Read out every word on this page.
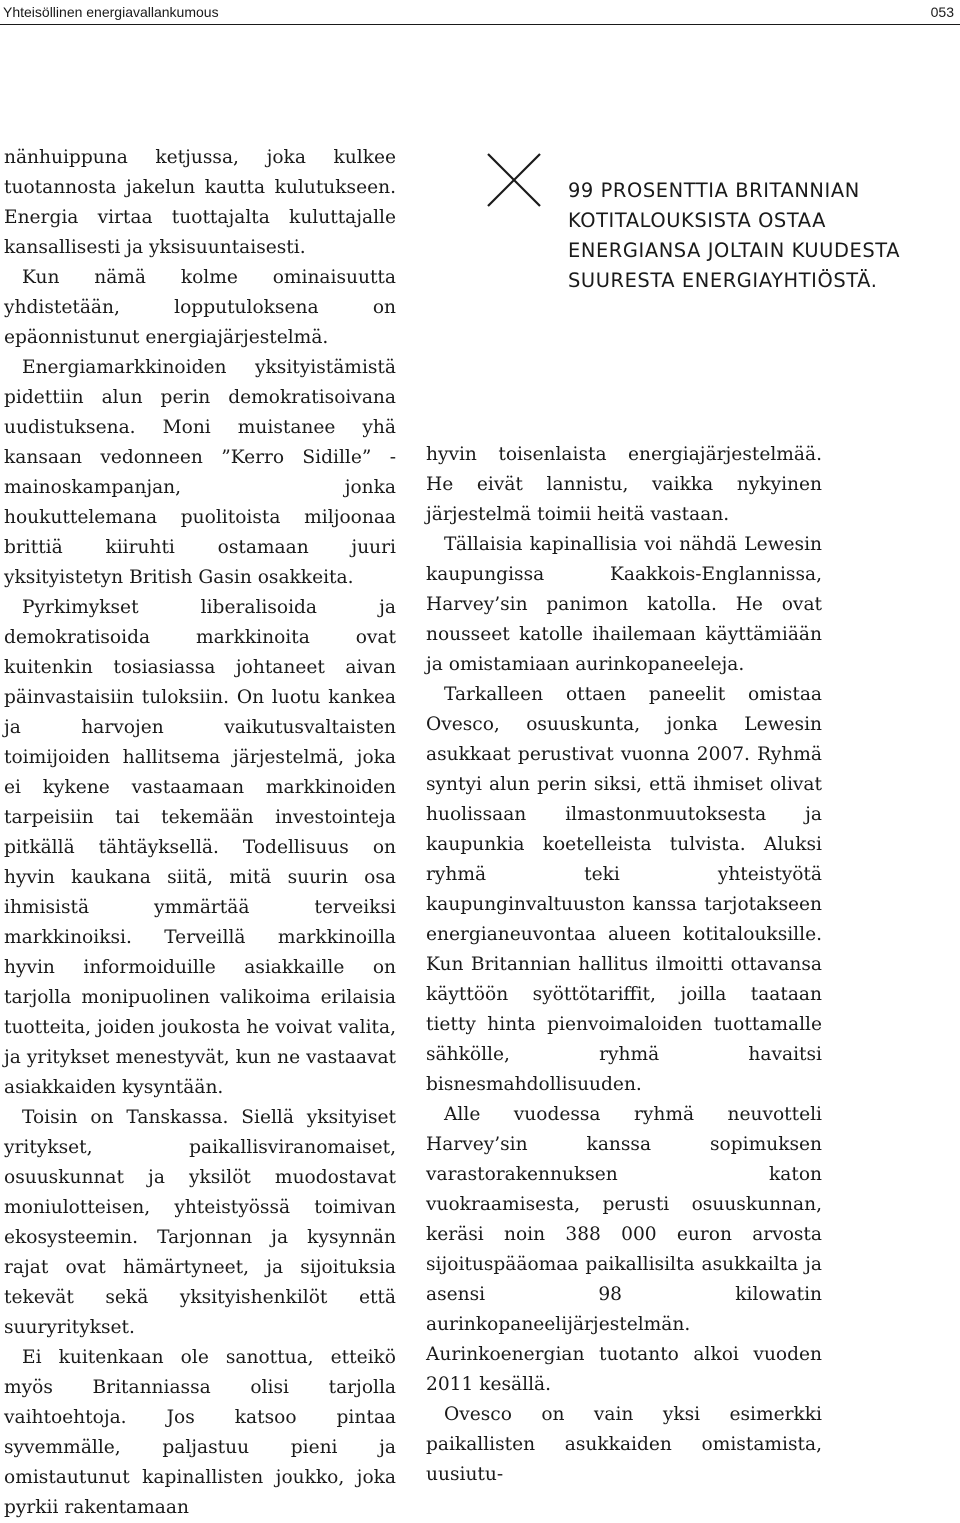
Yhteisöllinen energiavallankumous	053

nänhuippuna ketjussa, joka kulkee tuotannosta jakelun kautta kulutukseen. Energia virtaa tuottajalta kuluttajalle kansallisesti ja yksisuuntaisesti.

Kun nämä kolme ominaisuutta yhdistetään, lopputuloksena on epäonnistunut energiajärjestelmä.

Energiamarkkinoiden yksityistämistä pidettiin alun perin demokratisoivana uudistuksena. Moni muistanee yhä kansaan vedonneen ”Kerro Sidille” -mainoskampanjan, jonka houkuttelemana puolitoista miljoonaa brittiä kiiruhti ostamaan juuri yksityistetyn British Gasin osakkeita.

Pyrkimykset liberalisoida ja demokratisoida markkinoita ovat kuitenkin tosiasiassa johtaneet aivan päinvastaisiin tuloksiin. On luotu kankea ja harvojen vaikutusvaltaisten toimijoiden hallitsema järjestelmä, joka ei kykene vastaamaan markkinoiden tarpeisiin tai tekemään investointeja pitkällä tähtäyksellä. Todellisuus on hyvin kaukana siitä, mitä suurin osa ihmisistä ymmärtää terveiksi markkinoiksi. Terveillä markkinoilla hyvin informoiduille asiakkaille on tarjolla monipuolinen valikoima erilaisia tuotteita, joiden joukosta he voivat valita, ja yritykset menestyvät, kun ne vastaavat asiakkaiden kysyntään.

Toisin on Tanskassa. Siellä yksityiset yritykset, paikallisviranomaiset, osuuskunnat ja yksilöt muodostavat moniulotteisen, yhteistyössä toimivan ekosysteemin. Tarjonnan ja kysynnän rajat ovat hämärtyneet, ja sijoituksia tekevät sekä yksityishenkilöt että suuryritykset.

Ei kuitenkaan ole sanottua, etteikö myös Britanniassa olisi tarjolla vaihtoehtoja. Jos katsoo pintaa syvemmälle, paljastuu pieni ja omistautunut kapinallisten joukko, joka pyrkii rakentamaan

99 PROSENTTIA BRITANNIAN
KOTITALOUKSISTA OSTAA
ENERGIANSA JOLTAIN KUUDESTA
SUURESTA ENERGIAYHTIÖSTÄ.

hyvin toisenlaista energiajärjestelmää. He eivät lannistu, vaikka nykyinen järjestelmä toimii heitä vastaan.

Tällaisia kapinallisia voi nähdä Lewesin kaupungissa Kaakkois-Englannissa, Harvey’sin panimon katolla. He ovat nousseet katolle ihailemaan käyttämiään ja omistamiaan aurinkopaneeleja.

Tarkalleen ottaen paneelit omistaa Ovesco, osuuskunta, jonka Lewesin asukkaat perustivat vuonna 2007. Ryhmä syntyi alun perin siksi, että ihmiset olivat huolissaan ilmastonmuutoksesta ja kaupunkia koetelleista tulvista. Aluksi ryhmä teki yhteistyötä kaupunginvaltuuston kanssa tarjotakseen energianeuvontaa alueen kotitalouksille. Kun Britannian hallitus ilmoitti ottavansa käyttöön syöttötariffit, joilla taataan tietty hinta pienvoimaloiden tuottamalle sähkölle, ryhmä havaitsi bisnesmahdollisuuden.

Alle vuodessa ryhmä neuvotteli Harvey’sin kanssa sopimuksen varastorakennuksen katon vuokraamisesta, perusti osuuskunnan, keräsi noin 388 000 euron arvosta sijoituspääomaa paikallisilta asukkailta ja asensi 98 kilowatin aurinkopaneelijärjestelmän. Aurinkoenergian tuotanto alkoi vuoden 2011 kesällä.

Ovesco on vain yksi esimerkki paikallisten asukkaiden omistamista, uusiutu-
